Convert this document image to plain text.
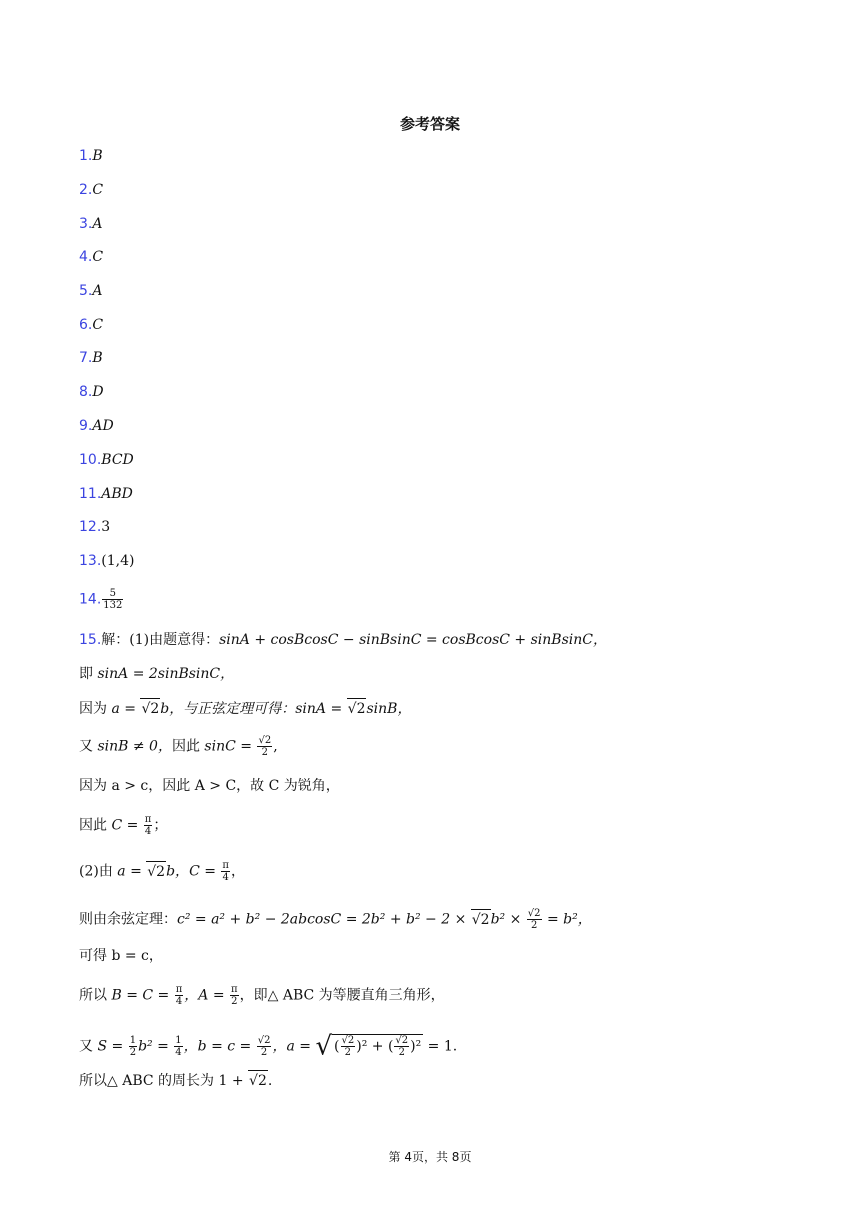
参考答案
1.B
2.C
3.A
4.C
5.A
6.C
7.B
8.D
9.AD
10.BCD
11.ABD
12.3
13.(1,4)
14. $\frac{5}{132}$
15.解：(1)由题意得：sinA + cosBcosC − sinBsinC = cosBcosC + sinBsinC，
即 sinA = 2sinBsinC，
因为 a = √2b，与正弦定理可得：sinA = √2sinB，
又 sinB ≠ 0，因此 $\sin C = \frac{√2}{2}$ ,
因为 a > c，因此 A > C，故 C 为锐角，
因此 $C = \frac{\pi}{4}$ ；
(2)由 a = √2b，$C = \frac{\pi}{4}$ ，
则由余弦定理：$c^2 = a^2 + b^2 - 2abcosC = 2b^2 + b^2 - 2 \times √2b^2 \times \frac{√2}{2} = b^2$，
可得 b = c，
所以 $B = C = \frac{\pi}{4}$ ，$A = \frac{\pi}{2}$ ，即△ ABC 为等腰直角三角形，
又 $S = \frac{1}{2} b^2 = \frac{1}{4}$ ，$b = c = \frac{√2}{2}$ ，a = √ ( $\frac{√2}{2} )^2$ + ( $\frac{√2}{2} )^2 = 1$.
所以△ ABC 的周长为 1 + √2.
第 4页，共 8页
